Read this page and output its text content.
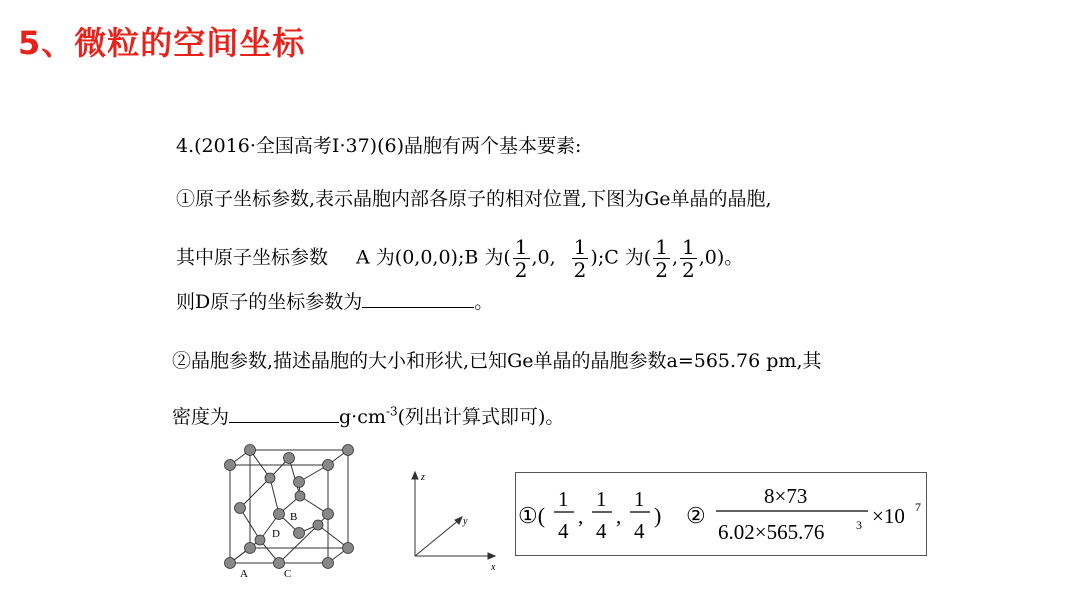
5、微粒的空间坐标
4.(2016·全国高考Ⅰ·37)(6)晶胞有两个基本要素:
①原子坐标参数,表示晶胞内部各原子的相对位置,下图为Ge单晶的晶胞,
其中原子坐标参数 A 为(0,0,0);B 为( $\frac{1}{2} ,0$, $\frac{1}{2}$ );C 为( $\frac{1}{2}$ , $\frac{1}{2} ,0$)。
则D原子的坐标参数为	。
②晶胞参数,描述晶胞的大小和形状,已知Ge单晶的晶胞参数a=565.76 pm,其
密度为	$g\cdot cm^{-3}$(列出计算式即可)。
A	C
B
D
z
y
x
①(
1
4
,
1
4
,
1
4
) ②
8×73
6.02×565.76	3 ×10 7
